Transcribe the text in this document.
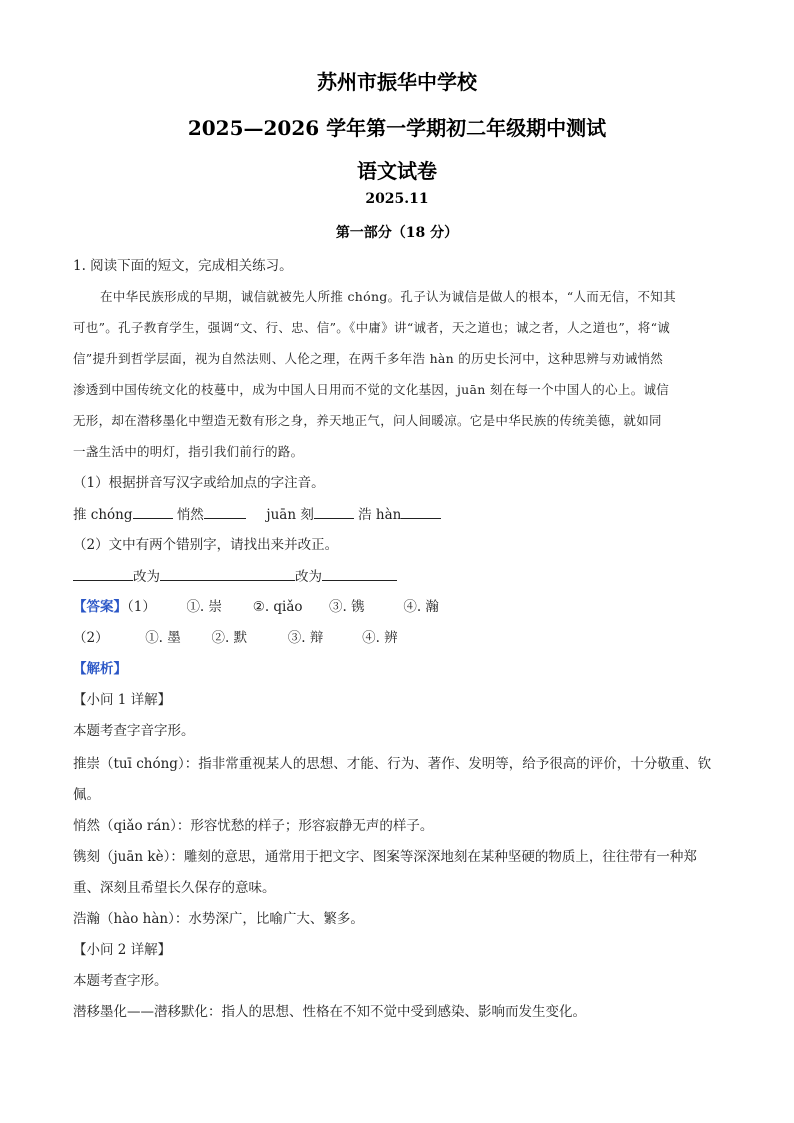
苏州市振华中学校
2025—2026 学年第一学期初二年级期中测试
语文试卷
2025.11
第一部分（18 分）
1. 阅读下面的短文，完成相关练习。
在中华民族形成的早期，诚信就被先人所推 chóng。孔子认为诚信是做人的根本，“人而无信，不知其
可也”。孔子教育学生，强调“文、行、忠、信”。《中庸》讲“诚者，天之道也；诚之者，人之道也”，将“诚
信”提升到哲学层面，视为自然法则、人伦之理，在两千多年浩 hàn 的历史长河中，这种思辨与劝诫悄然
渗透到中国传统文化的枝蔓中，成为中国人日用而不觉的文化基因，juān 刻在每一个中国人的心上。诚信
无形，却在潜移墨化中塑造无数有形之身，养天地正气，问人间暖凉。它是中华民族的传统美德，就如同
一盏生活中的明灯，指引我们前行的路。
（1）根据拼音写汉字或给加点的字注音。
推 chóng	悄然	juān 刻	浩 hàn
（2）文中有两个错别字，请找出来并改正。
改为	改为
【答案】（1） ①. 崇 ②. qiǎo ③. 镌	④. 瀚
（2）	①. 墨 ②. 默	③. 辩	④. 辨
【解析】
【小问 1 详解】
本题考查字音字形。
推崇（tuī chóng）：指非常重视某人的思想、才能、行为、著作、发明等，给予很高的评价，十分敬重、钦
佩。
悄然（qiǎo rán）：形容忧愁的样子；形容寂静无声的样子。
镌刻（juān kè）：雕刻的意思，通常用于把文字、图案等深深地刻在某种坚硬的物质上，往往带有一种郑
重、深刻且希望长久保存的意味。
浩瀚（hào hàn）：水势深广，比喻广大、繁多。
【小问 2 详解】
本题考查字形。
潜移墨化——潜移默化：指人的思想、性格在不知不觉中受到感染、影响而发生变化。
